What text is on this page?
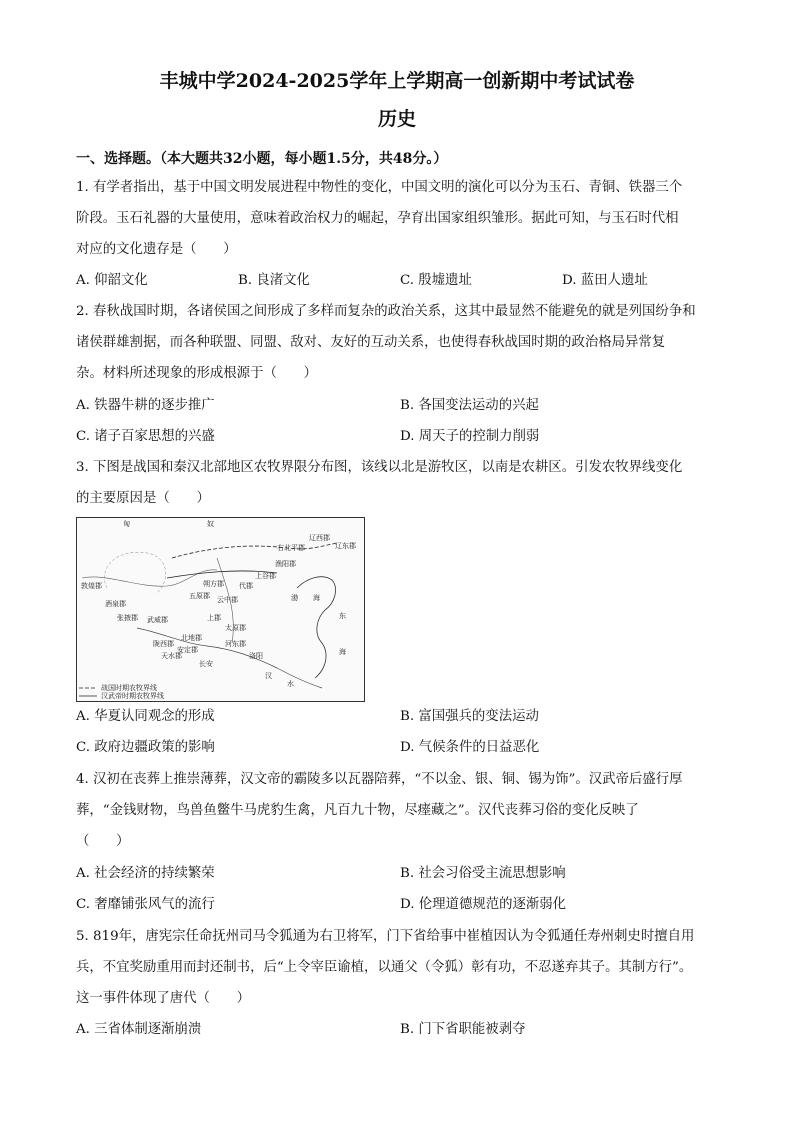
丰城中学2024-2025学年上学期高一创新期中考试试卷
历史
一、选择题。（本大题共32小题，每小题1.5分，共48分。）
1. 有学者指出，基于中国文明发展进程中物性的变化，中国文明的演化可以分为玉石、青铜、铁器三个
阶段。玉石礼器的大量使用，意味着政治权力的崛起，孕育出国家组织雏形。据此可知，与玉石时代相
对应的文化遗存是（　　）
A. 仰韶文化	B. 良渚文化	C. 殷墟遗址	D. 蓝田人遗址
2. 春秋战国时期，各诸侯国之间形成了多样而复杂的政治关系，这其中最显然不能避免的就是列国纷争和
诸侯群雄割据，而各种联盟、同盟、敌对、友好的互动关系，也使得春秋战国时期的政治格局异常复
杂。材料所述现象的形成根源于（　　）
A. 铁器牛耕的逐步推广	B. 各国变法运动的兴起
C. 诸子百家思想的兴盛	D. 周天子的控制力削弱
3. 下图是战国和秦汉北部地区农牧界限分布图，该线以北是游牧区，以南是农耕区。引发农牧界线变化
的主要原因是（　　）
匈	奴
右北平郡
辽西郡
辽东郡
敦煌郡
酒泉郡
张掖郡 武威郡
陇西郡
北地郡
上郡
天水郡
长安
洛阳
安定郡
朔方郡
渔阳郡
上谷郡
代郡
五原郡 云中郡
太原郡
河东郡
渤 海
东
海
汉
水
战国时期农牧界线
汉武帝时期农牧界线
A. 华夏认同观念的形成	B. 富国强兵的变法运动
C. 政府边疆政策的影响	D. 气候条件的日益恶化
4. 汉初在丧葬上推崇薄葬，汉文帝的霸陵多以瓦器陪葬，“不以金、银、铜、锡为饰”。汉武帝后盛行厚
葬，“金钱财物，鸟兽鱼鳖牛马虎豹生禽，凡百九十物，尽瘗藏之”。汉代丧葬习俗的变化反映了
（　　）
A. 社会经济的持续繁荣	B. 社会习俗受主流思想影响
C. 奢靡铺张风气的流行	D. 伦理道德规范的逐渐弱化
5. 819年，唐宪宗任命抚州司马令狐通为右卫将军，门下省给事中崔植因认为令狐通任寿州刺史时擅自用
兵，不宜奖励重用而封还制书，后“上令宰臣谕植，以通父（令狐）彰有功，不忍遂弃其子。其制方行”。
这一事件体现了唐代（　　）
A. 三省体制逐渐崩溃	B. 门下省职能被剥夺
